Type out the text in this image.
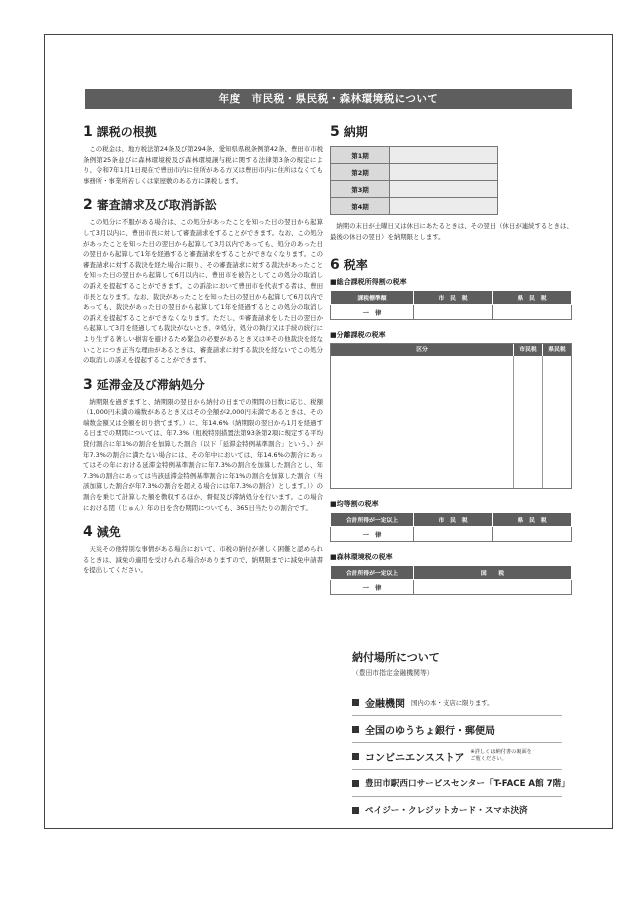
年度　市民税・県民税・森林環境税について
1 課税の根拠

この税金は、地方税法第24条及び第294条、愛知県県税条例第42条、豊田市市税条例第25条並びに森林環境税及び森林環境譲与税に関する法律第3条の規定により、令和7年1月1日現在で豊田市内に住所がある方又は豊田市内に住所はなくても事務所・事業所若しくは家屋敷のある方に課税します。

2 審査請求及び取消訴訟

この処分に不服がある場合は、この処分があったことを知った日の翌日から起算して3月以内に、豊田市長に対して審査請求をすることができます。なお、この処分があったことを知った日の翌日から起算して3月以内であっても、処分のあった日の翌日から起算して1年を経過すると審査請求をすることができなくなります。この審査請求に対する裁決を経た場合に限り、その審査請求に対する裁決があったことを知った日の翌日から起算して6月以内に、豊田市を被告としてこの処分の取消しの訴えを提起することができます。この訴訟において豊田市を代表する者は、豊田市長となります。なお、裁決があったことを知った日の翌日から起算して6月以内であっても、裁決があった日の翌日から起算して1年を経過するとこの処分の取消しの訴えを提起することができなくなります。ただし、①審査請求をした日の翌日から起算して3月を経過しても裁決がないとき、②処分、処分の執行又は手続の続行により生ずる著しい損害を避けるため緊急の必要があるとき又は③その他裁決を経ないことにつき正当な理由があるときは、審査請求に対する裁決を経ないでこの処分の取消しの訴えを提起することができます。

3 延滞金及び滞納処分

納期限を過ぎますと、納期限の翌日から納付の日までの期間の日数に応じ、税額（1,000円未満の端数があるとき又はその全額が2,000円未満であるときは、その端数金額又は全額を切り捨てます。）に、年14.6%（納期限の翌日から1月を経過する日までの期間については、年7.3%（租税特別措置法第93条第2項に規定する平均貸付割合に年1%の割合を加算した割合（以下「延滞金特例基準割合」という。）が年7.3%の割合に満たない場合には、その年中においては、年14.6%の割合にあってはその年における延滞金特例基準割合に年7.3%の割合を加算した割合とし、年7.3%の割合にあっては当該延滞金特例基準割合に年1%の割合を加算した割合（当該加算した割合が年7.3%の割合を超える場合には年7.3%の割合）とします。））の割合を乗じて計算した額を徴収するほか、督促及び滞納処分を行います。この場合における閏（じゅん）年の日を含む期間についても、365日当たりの割合です。

4 減免

天災その他特別な事情がある場合において、市税の納付が著しく困難と認められるときは、減免の適用を受けられる場合がありますので、納期限までに減免申請書を提出してください。

5 納期
第1期	
第2期	
第3期	
第4期	

納期の末日が土曜日又は休日にあたるときは、その翌日（休日が連続するときは、最後の休日の翌日）を納期限とします。

6 税率
■総合課税所得割の税率
課税標準額	市　民　税	県　民　税
一　律		
■分離課税の税率
区分	市民税	県民税
■均等割の税率
合計所得が一定以上	市　民　税	県　民　税
一　律		
■森林環境税の税率
合計所得が一定以上	国　　税
一　律	
納付場所について
（豊田市指定金融機関等）
金融機関 国内の本・支店に限ります。
全国のゆうちょ銀行・郵便局
コンビニエンスストア
※詳しくは納付書の裏面をご覧ください。
豊田市駅西口サービスセンター「T-FACE A館 7階」
ペイジー・クレジットカード・スマホ決済
